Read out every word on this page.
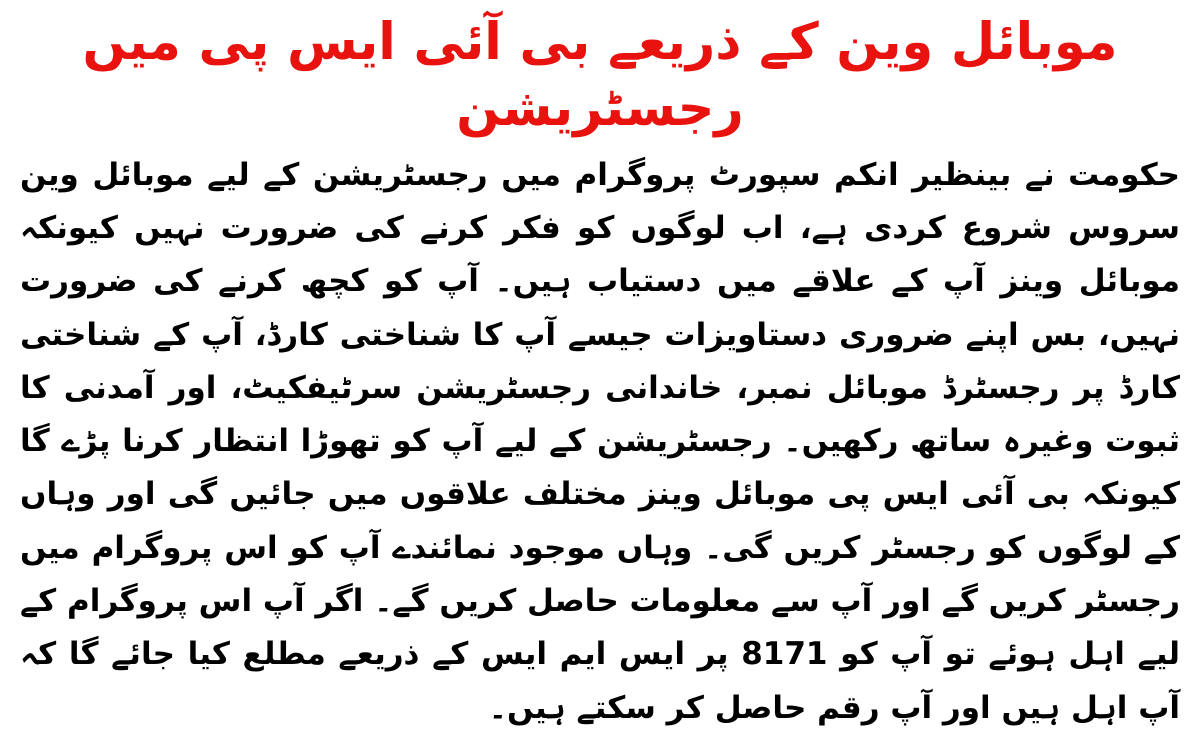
موبائل وین کے ذریعے بی آئی ایس پی میں رجسٹریشن

حکومت نے بینظیر انکم سپورٹ پروگرام میں رجسٹریشن کے لیے موبائل وین سروس شروع کردی ہے، اب لوگوں کو فکر کرنے کی ضرورت نہیں کیونکہ موبائل وینز آپ کے علاقے میں دستیاب ہیں۔ آپ کو کچھ کرنے کی ضرورت نہیں، بس اپنے ضروری دستاویزات جیسے آپ کا شناختی کارڈ، آپ کے شناختی کارڈ پر رجسٹرڈ موبائل نمبر، خاندانی رجسٹریشن سرٹیفکیٹ، اور آمدنی کا ثبوت وغیرہ ساتھ رکھیں۔ رجسٹریشن کے لیے آپ کو تھوڑا انتظار کرنا پڑے گا کیونکہ بی آئی ایس پی موبائل وینز مختلف علاقوں میں جائیں گی اور وہاں کے لوگوں کو رجسٹر کریں گی۔ وہاں موجود نمائندے آپ کو اس پروگرام میں رجسٹر کریں گے اور آپ سے معلومات حاصل کریں گے۔ اگر آپ اس پروگرام کے لیے اہل ہوئے تو آپ کو 8171 پر ایس ایم ایس کے ذریعے مطلع کیا جائے گا کہ آپ اہل ہیں اور آپ رقم حاصل کر سکتے ہیں۔
